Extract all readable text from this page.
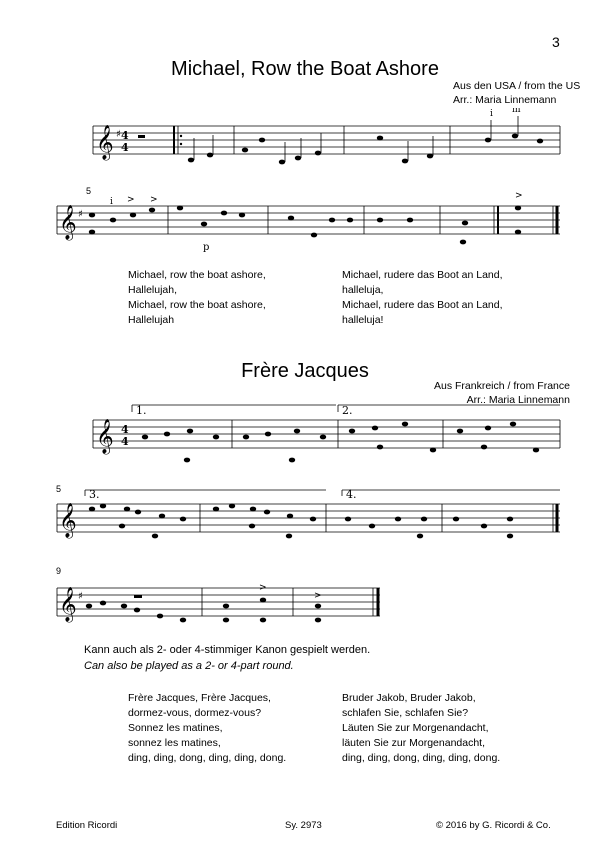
3
Michael, Row the Boat Ashore
Aus den USA / from the US
Arr.: Maria Linnemann
𝄞 ♯ 4
4
i m
5
𝄞 ♯
i > >
p
>
Michael, row the boat ashore,
Hallelujah,
Michael, row the boat ashore,
Hallelujah
Michael, rudere das Boot an Land,
halleluja,
Michael, rudere das Boot an Land,
halleluja!
Frère Jacques
Aus Frankreich / from France
Arr.: Maria Linnemann
𝄞 4
4
1.	2.
5
𝄞
3.	4.
9
𝄞 ♯
>
>
Kann auch als 2- oder 4-stimmiger Kanon gespielt werden.
Can also be played as a 2- or 4-part round.
Frère Jacques, Frère Jacques,
dormez-vous, dormez-vous?
Sonnez les matines,
sonnez les matines,
ding, ding, dong, ding, ding, dong.
Bruder Jakob, Bruder Jakob,
schlafen Sie, schlafen Sie?
Läuten Sie zur Morgenandacht,
läuten Sie zur Morgenandacht,
ding, ding, dong, ding, ding, dong.
Edition Ricordi	Sy. 2973	© 2016 by G. Ricordi & Co.
